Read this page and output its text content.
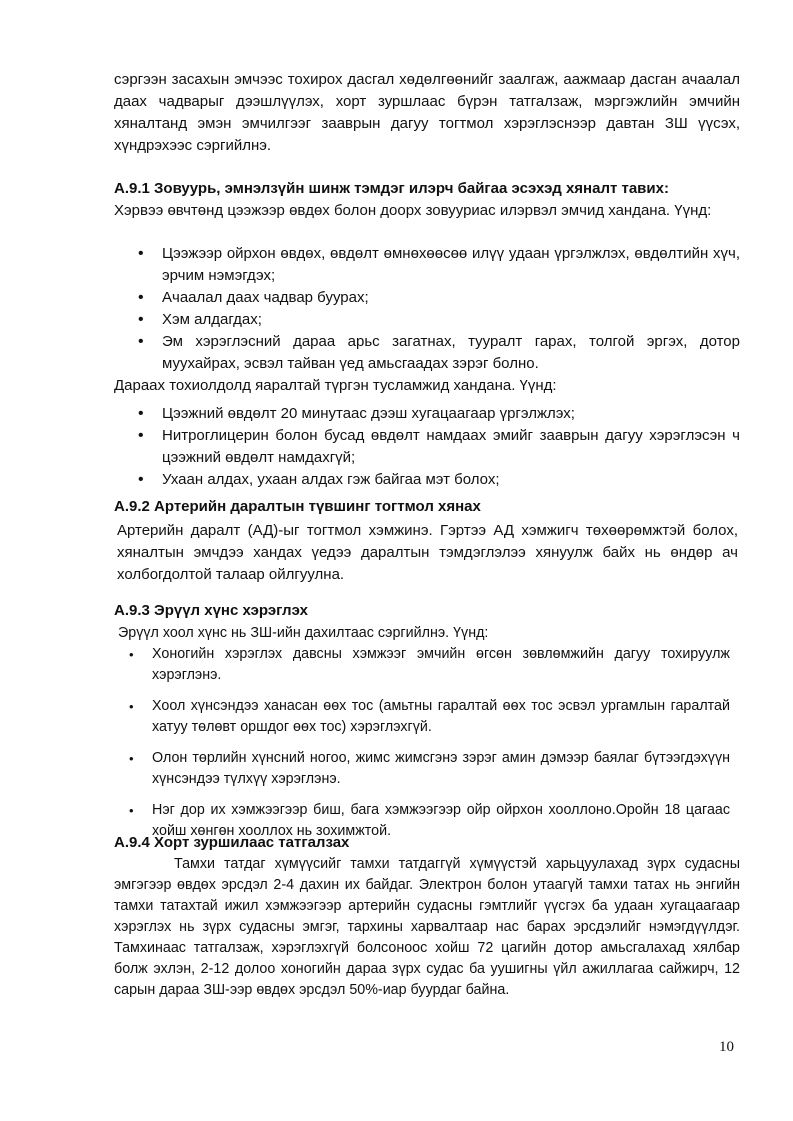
сэргээн засахын эмчээс тохирох дасгал хөдөлгөөнийг заалгаж, аажмаар дасган ачаалал даах чадварыг дээшлүүлэх, хорт зуршлаас бүрэн татгалзаж, мэргэжлийн эмчийн хяналтанд эмэн эмчилгээг зааврын дагуу тогтмол хэрэглэснээр давтан ЗШ үүсэх, хүндрэхээс сэргийлнэ.

А.9.1 Зовуурь, эмнэлзүйн шинж тэмдэг илэрч байгаа эсэхэд хяналт тавих:

Хэрвээ өвчтөнд цээжээр өвдөх болон доорх зовууриас илэрвэл эмчид хандана. Үүнд:

• Цээжээр ойрхон өвдөх, өвдөлт өмнөхөөсөө илүү удаан үргэлжлэх, өвдөлтийн хүч, эрчим нэмэгдэх;
• Ачаалал даах чадвар буурах;
• Хэм алдагдах;
• Эм хэрэглэсний дараа арьс загатнах, тууралт гарах, толгой эргэх, дотор муухайрах, эсвэл тайван үед амьсгаадах зэрэг болно.

Дараах тохиолдолд яаралтай түргэн тусламжид хандана. Үүнд:

• Цээжний өвдөлт 20 минутаас дээш хугацаагаар үргэлжлэх;
• Нитроглицерин болон бусад өвдөлт намдаах эмийг зааврын дагуу хэрэглэсэн ч цээжний өвдөлт намдахгүй;
• Ухаан алдах, ухаан алдах гэж байгаа мэт болох;

А.9.2 Артерийн даралтын түвшинг тогтмол хянах

Артерийн даралт (АД)-ыг тогтмол хэмжинэ. Гэртээ АД хэмжигч төхөөрөмжтэй болох, хяналтын эмчдээ хандах үедээ даралтын тэмдэглэлээ хянуулж байх нь өндөр ач холбогдолтой талаар ойлгуулна.

А.9.3 Эрүүл хүнс хэрэглэх

Эрүүл хоол хүнс нь ЗШ-ийн дахилтаас сэргийлнэ. Үүнд:

• Хоногийн хэрэглэх давсны хэмжээг эмчийн өгсөн зөвлөмжийн дагуу тохируулж хэрэглэнэ.
• Хоол хүнсэндээ ханасан өөх тос (амьтны гаралтай өөх тос эсвэл ургамлын гаралтай хатуу төлөвт оршдог өөх тос) хэрэглэхгүй.
• Олон төрлийн хүнсний ногоо, жимс жимсгэнэ зэрэг амин дэмээр баялаг бүтээгдэхүүн хүнсэндээ түлхүү хэрэглэнэ.
• Нэг дор их хэмжээгээр биш, бага хэмжээгээр ойр ойрхон хооллоно.Оройн 18 цагаас хойш хөнгөн хооллох нь зохимжтой.

А.9.4 Хорт зуршилаас татгалзах

Тамхи татдаг хүмүүсийг тамхи татдаггүй хүмүүстэй харьцуулахад зүрх судасны эмгэгээр өвдөх эрсдэл 2-4 дахин их байдаг. Электрон болон утаагүй тамхи татах нь энгийн тамхи татахтай ижил хэмжээгээр артерийн судасны гэмтлийг үүсгэх ба удаан хугацаагаар хэрэглэх нь зүрх судасны эмгэг, тархины харвалтаар нас барах эрсдэлийг нэмэгдүүлдэг. Тамхинаас татгалзаж, хэрэглэхгүй болсоноос хойш 72 цагийн дотор амьсгалахад хялбар болж эхлэн, 2-12 долоо хоногийн дараа зүрх судас ба уушигны үйл ажиллагаа сайжирч, 12 сарын дараа ЗШ-ээр өвдөх эрсдэл 50%-иар буурдаг байна.

10
